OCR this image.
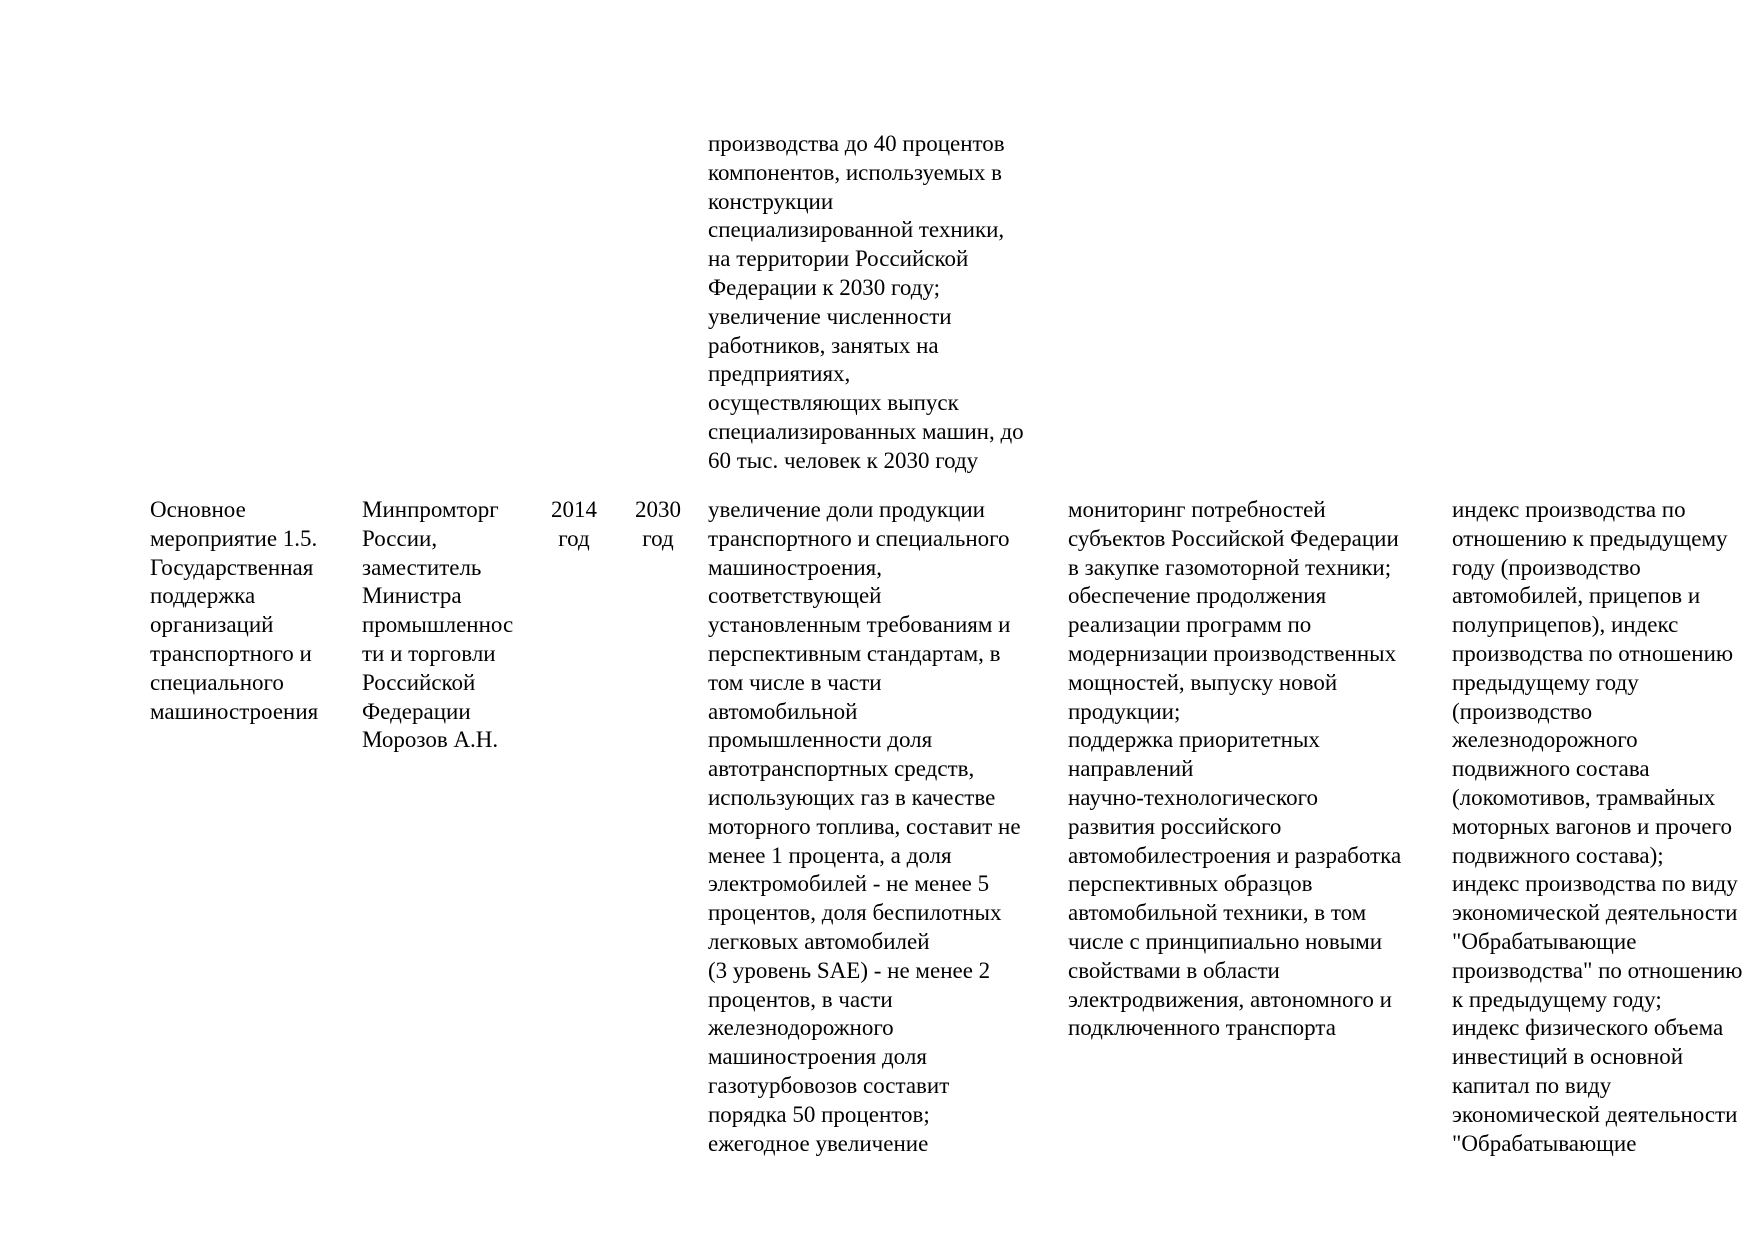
производства до 40 процентов
компонентов, используемых в
конструкции
специализированной техники,
на территории Российской
Федерации к 2030 году;
увеличение численности
работников, занятых на
предприятиях,
осуществляющих выпуск
специализированных машин, до
60 тыс. человек к 2030 году
Основное
мероприятие 1.5.
Государственная
поддержка
организаций
транспортного и
специального
машиностроения
Минпромторг
России,
заместитель
Министра
промышленнос
ти и торговли
Российской
Федерации
Морозов А.Н.
2014
год
2030
год
увеличение доли продукции
транспортного и специального
машиностроения,
соответствующей
установленным требованиям и
перспективным стандартам, в
том числе в части
автомобильной
промышленности доля
автотранспортных средств,
использующих газ в качестве
моторного топлива, составит не
менее 1 процента, а доля
электромобилей - не менее 5
процентов, доля беспилотных
легковых автомобилей
(3 уровень SAE) - не менее 2
процентов, в части
железнодорожного
машиностроения доля
газотурбовозов составит
порядка 50 процентов;
ежегодное увеличение
мониторинг потребностей
субъектов Российской Федерации
в закупке газомоторной техники;
обеспечение продолжения
реализации программ по
модернизации производственных
мощностей, выпуску новой
продукции;
поддержка приоритетных
направлений
научно-технологического
развития российского
автомобилестроения и разработка
перспективных образцов
автомобильной техники, в том
числе с принципиально новыми
свойствами в области
электродвижения, автономного и
подключенного транспорта
индекс производства по
отношению к предыдущему
году (производство
автомобилей, прицепов и
полуприцепов), индекс
производства по отношению
предыдущему году
(производство
железнодорожного
подвижного состава
(локомотивов, трамвайных
моторных вагонов и прочего
подвижного состава);
индекс производства по виду
экономической деятельности
"Обрабатывающие
производства" по отношению
к предыдущему году;
индекс физического объема
инвестиций в основной
капитал по виду
экономической деятельности
"Обрабатывающие
